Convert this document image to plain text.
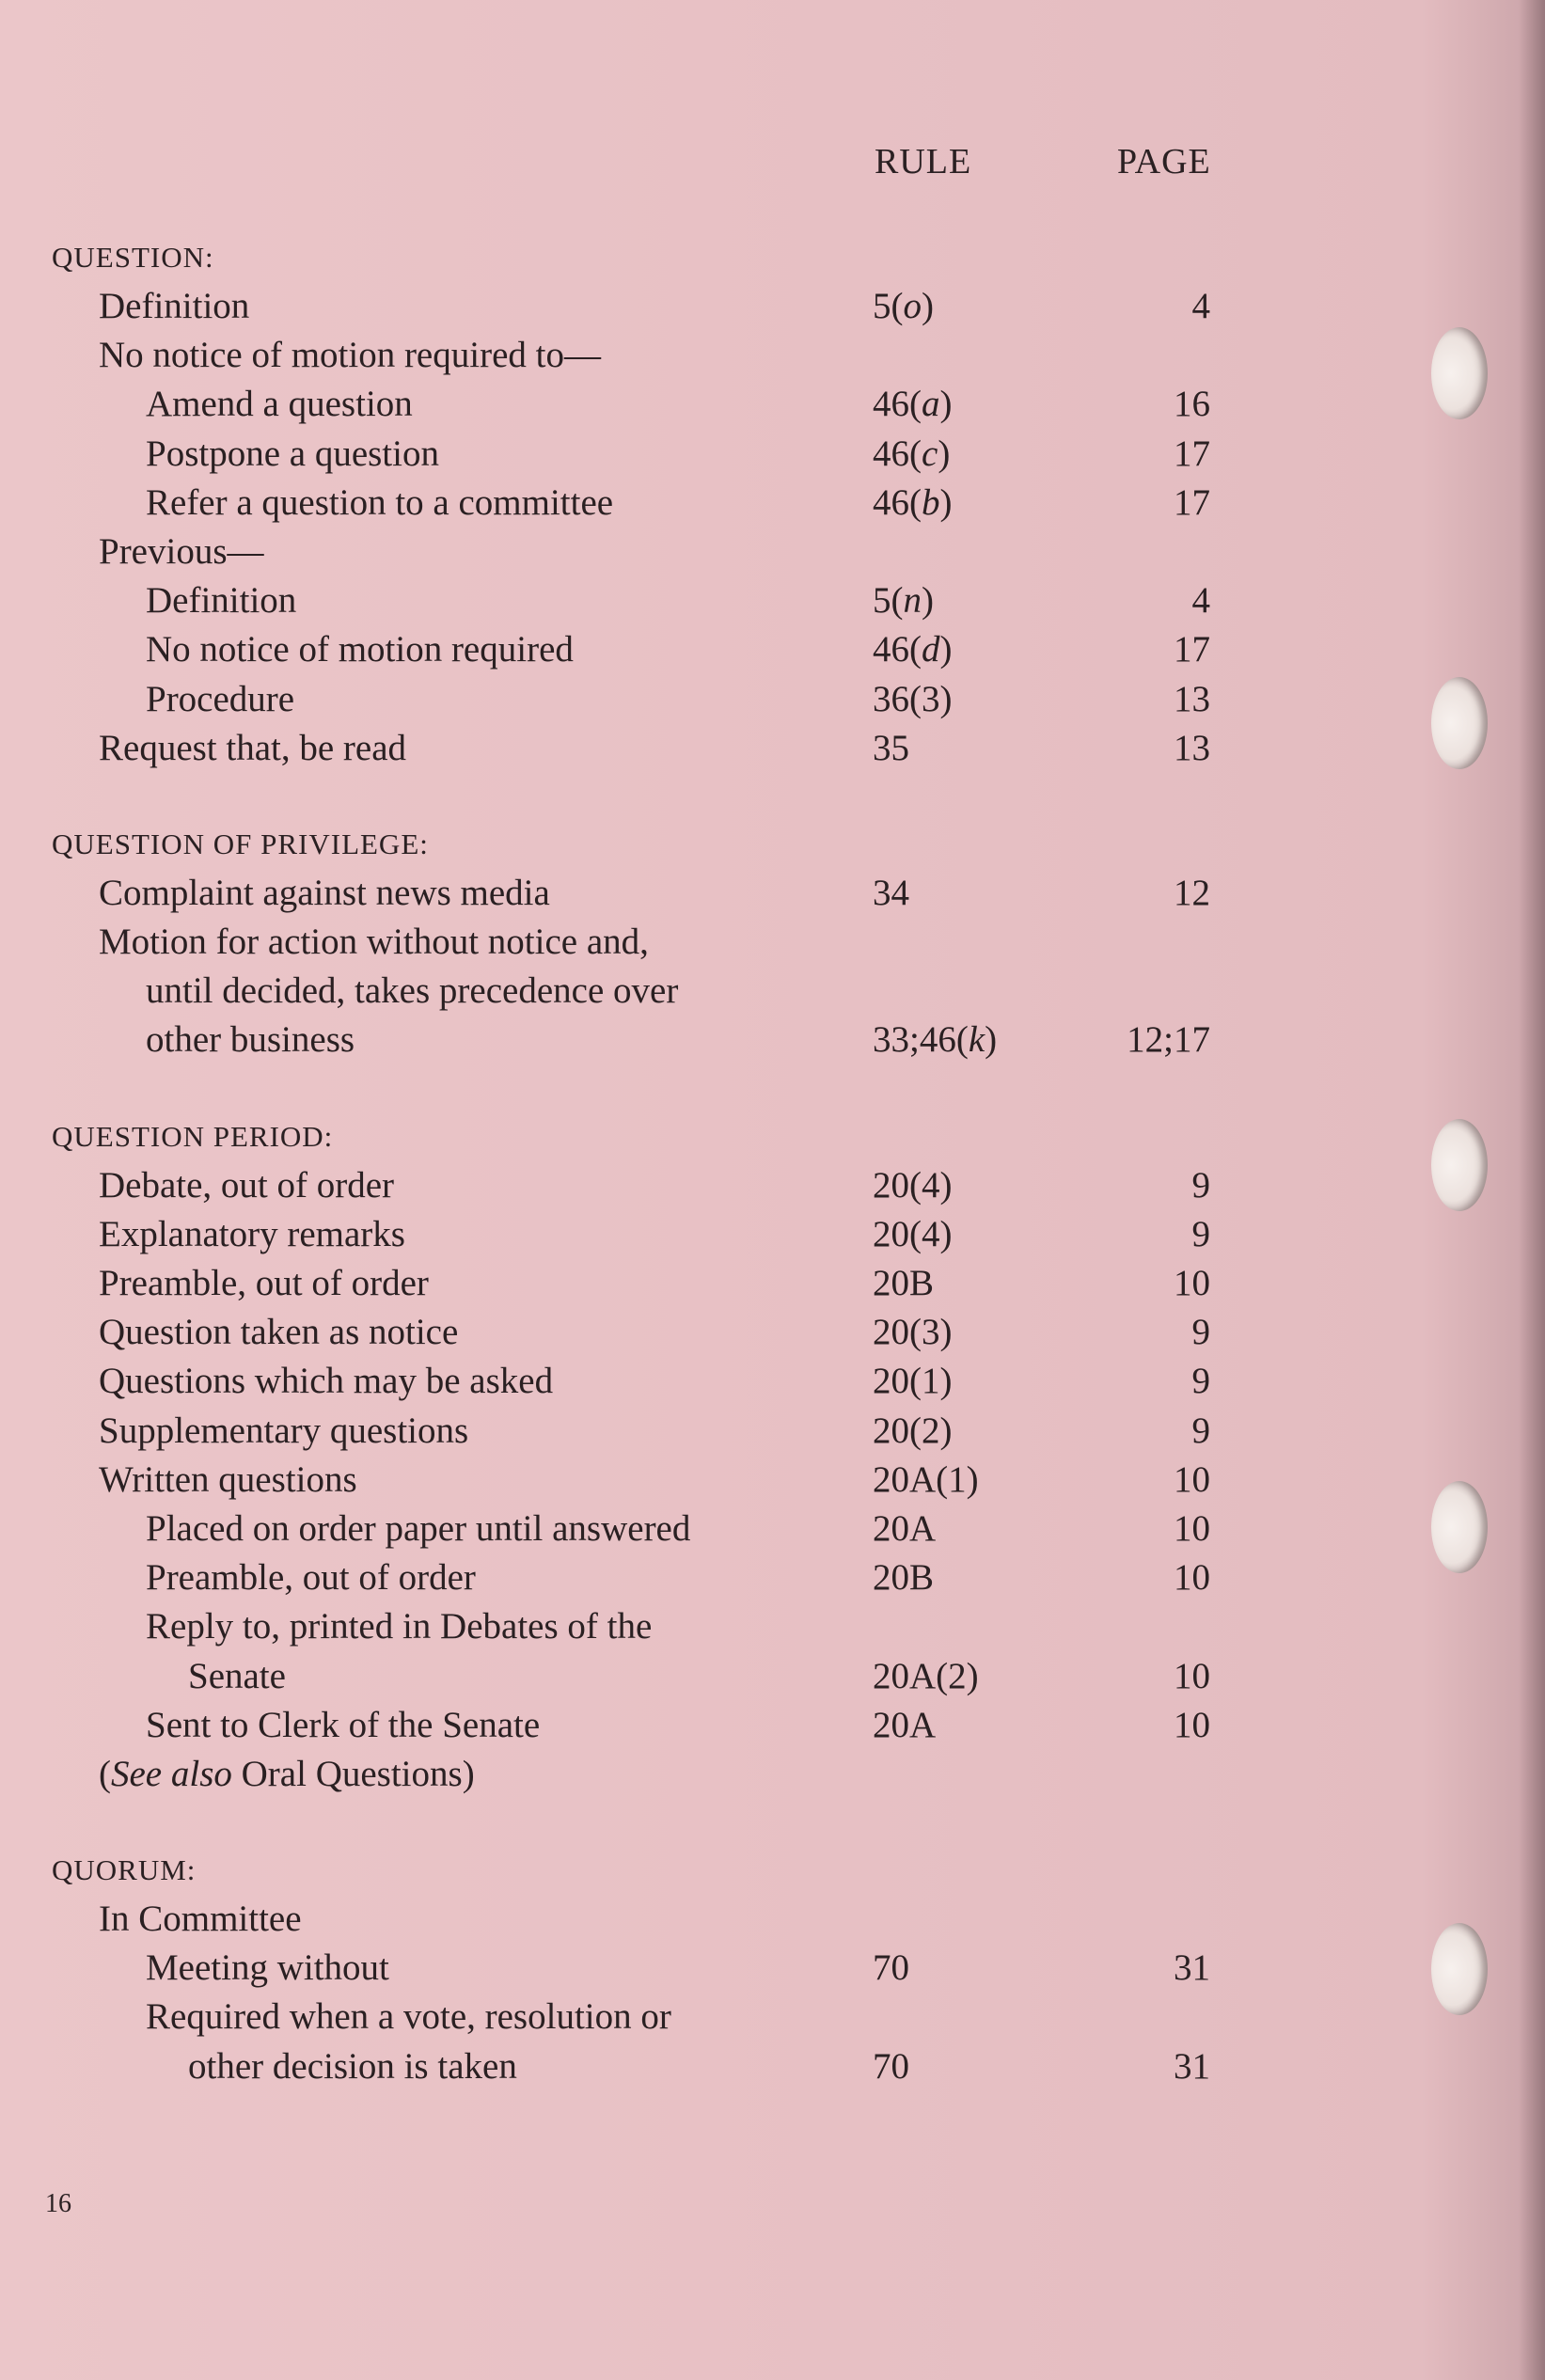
RULE	PAGE
QUESTION:
Definition	5(o)	4
No notice of motion required to—
Amend a question	46(a)	16
Postpone a question	46(c)	17
Refer a question to a committee	46(b)	17
Previous—
Definition	5(n)	4
No notice of motion required	46(d)	17
Procedure	36(3)	13
Request that, be read	35	13
QUESTION OF PRIVILEGE:
Complaint against news media	34	12
Motion for action without notice and,
until decided, takes precedence over
other business	33;46(k)	12;17
QUESTION PERIOD:
Debate, out of order	20(4)	9
Explanatory remarks	20(4)	9
Preamble, out of order	20B	10
Question taken as notice	20(3)	9
Questions which may be asked	20(1)	9
Supplementary questions	20(2)	9
Written questions	20A(1)	10
Placed on order paper until answered	20A	10
Preamble, out of order	20B	10
Reply to, printed in Debates of the
Senate	20A(2)	10
Sent to Clerk of the Senate	20A	10
(See also Oral Questions)
QUORUM:
In Committee
Meeting without	70	31
Required when a vote, resolution or
other decision is taken	70	31
16
